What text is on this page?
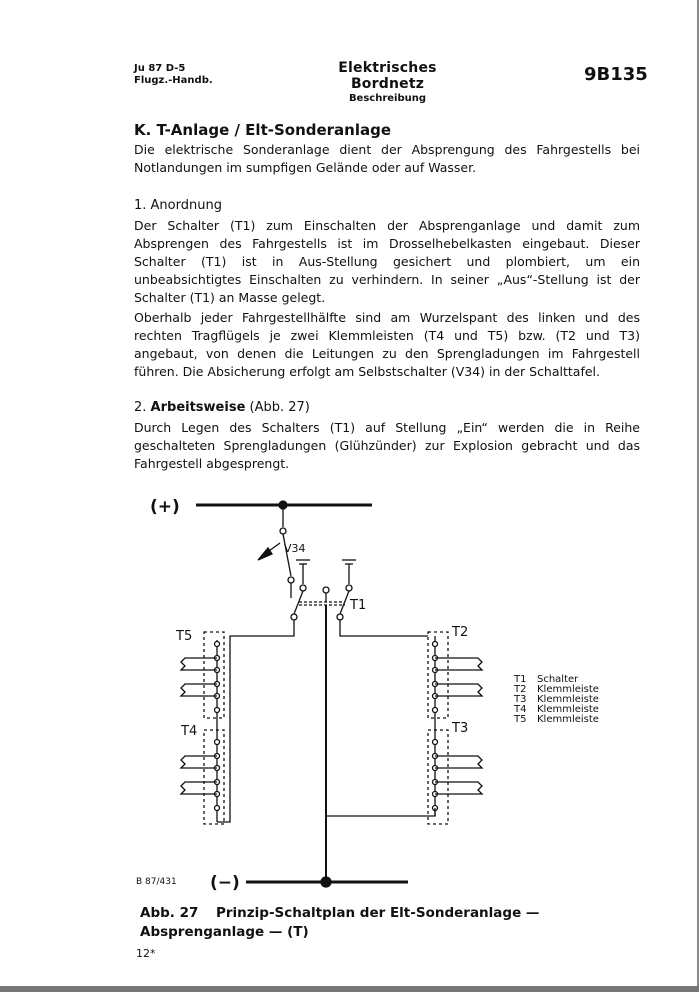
Ju 87 D-5
Flugz.-Handb.
Elektrisches Bordnetz
Beschreibung
9B135
K. T-Anlage / Elt-Sonderanlage
Die elektrische Sonderanlage dient der Absprengung des Fahrgestells bei Notlandungen im sumpfigen Gelände oder auf Wasser.
1. Anordnung
Der Schalter (T1) zum Einschalten der Absprenganlage und damit zum Absprengen des Fahrgestells ist im Drosselhebelkasten eingebaut. Dieser Schalter (T1) ist in Aus-Stellung gesichert und plombiert, um ein unbeabsichtigtes Einschalten zu verhindern. In seiner „Aus“-Stellung ist der Schalter (T1) an Masse gelegt.
Oberhalb jeder Fahrgestellhälfte sind am Wurzelspant des linken und des rechten Tragflügels je zwei Klemmleisten (T4 und T5) bzw. (T2 und T3) angebaut, von denen die Leitungen zu den Sprengladungen im Fahrgestell führen. Die Absicherung erfolgt am Selbstschalter (V34) in der Schalttafel.
2. Arbeitsweise (Abb. 27)
Durch Legen des Schalters (T1) auf Stellung „Ein“ werden die in Reihe geschalteten Sprengladungen (Glühzünder) zur Explosion gebracht und das Fahrgestell abgesprengt.
(+)
V34
T1
T5
T4
T2
T3
T1 Schalter
T2 Klemmleiste
T3 Klemmleiste
T4 Klemmleiste
T5 Klemmleiste
(−)
B 87/431
Abb. 27 Prinzip-Schaltplan der Elt-Sonderanlage — Absprenganlage — (T)
12*
